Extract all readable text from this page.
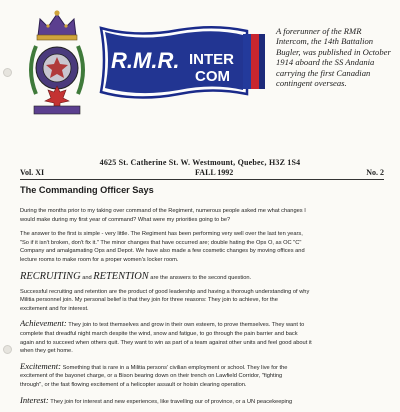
R.M.R. INTER
COM
A forerunner of the RMR
Intercom, the 14th Battalion
Bugler, was published in October
1914 aboard the SS Andania
carrying the first Canadian
contingent overseas.
4625 St. Catherine St. W. Westmount, Quebec, H3Z 1S4
Vol. XI	FALL 1992	No. 2
The Commanding Officer Says

During the months prior to my taking over command of the Regiment, numerous people asked me what changes I
would make during my first year of command? What were my priorities going to be?

The answer to the first is simple - very little. The Regiment has been performing very well over the last ten years,
"So if it isn't broken, don't fix it." The minor changes that have occurred are; double hating the Ops O, as OC "C"
Company and amalgamating Ops and Depot. We have also made a few cosmetic changes by moving offices and
lecture rooms to make room for a proper women's locker room.

RECRUITING and RETENTION are the answers to the second question.

Successful recruiting and retention are the product of good leadership and having a thorough understanding of why
Militia personnel join. My personal belief is that they join for three reasons: They join to achieve, for the
excitement and for interest.

Achievement: They join to test themselves and grow in their own esteem, to prove themselves. They want to
complete that dreadful night march despite the wind, snow and fatigue, to go through the pain barrier and back
again and to succeed when others quit. They want to win as part of a team against other units and feel good about it
when they get home.

Excitement: Something that is rare in a Militia persons' civilian employment or school. They live for the
excitement of the bayonet charge, or a Bison bearing down on their trench on Lawfield Corridor, "fighting
through", or the fast flowing excitement of a helicopter assault or hoisin clearing operation.

Interest: They join for interest and new experiences, like travelling our of province, or a UN peacekeeping
